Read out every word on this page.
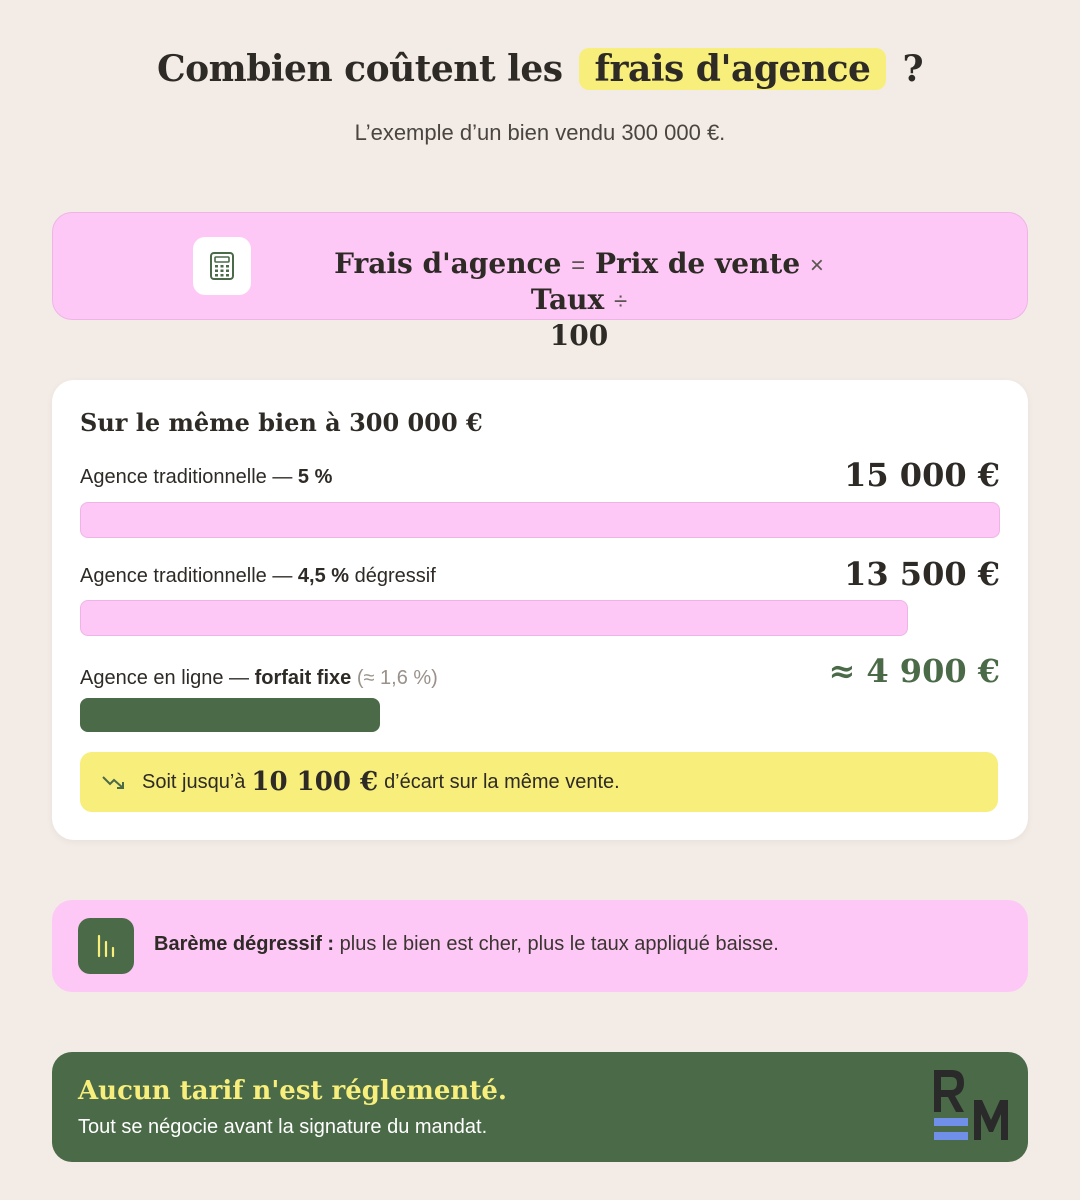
Combien coûtent les frais d'agence ?

L’exemple d’un bien vendu 300 000 €.

Frais d'agence = Prix de vente × Taux ÷
100
Sur le même bien à 300 000 €
Agence traditionnelle — 5 %	15 000 €
Agence traditionnelle — 4,5 % dégressif	13 500 €
Agence en ligne — forfait fixe (≈ 1,6 %)	≈ 4 900 €
Soit jusqu’à 10 100 € d’écart sur la même vente.

Barème dégressif : plus le bien est cher, plus le taux appliqué baisse.

Aucun tarif n'est réglementé.

Tout se négocie avant la signature du mandat.
